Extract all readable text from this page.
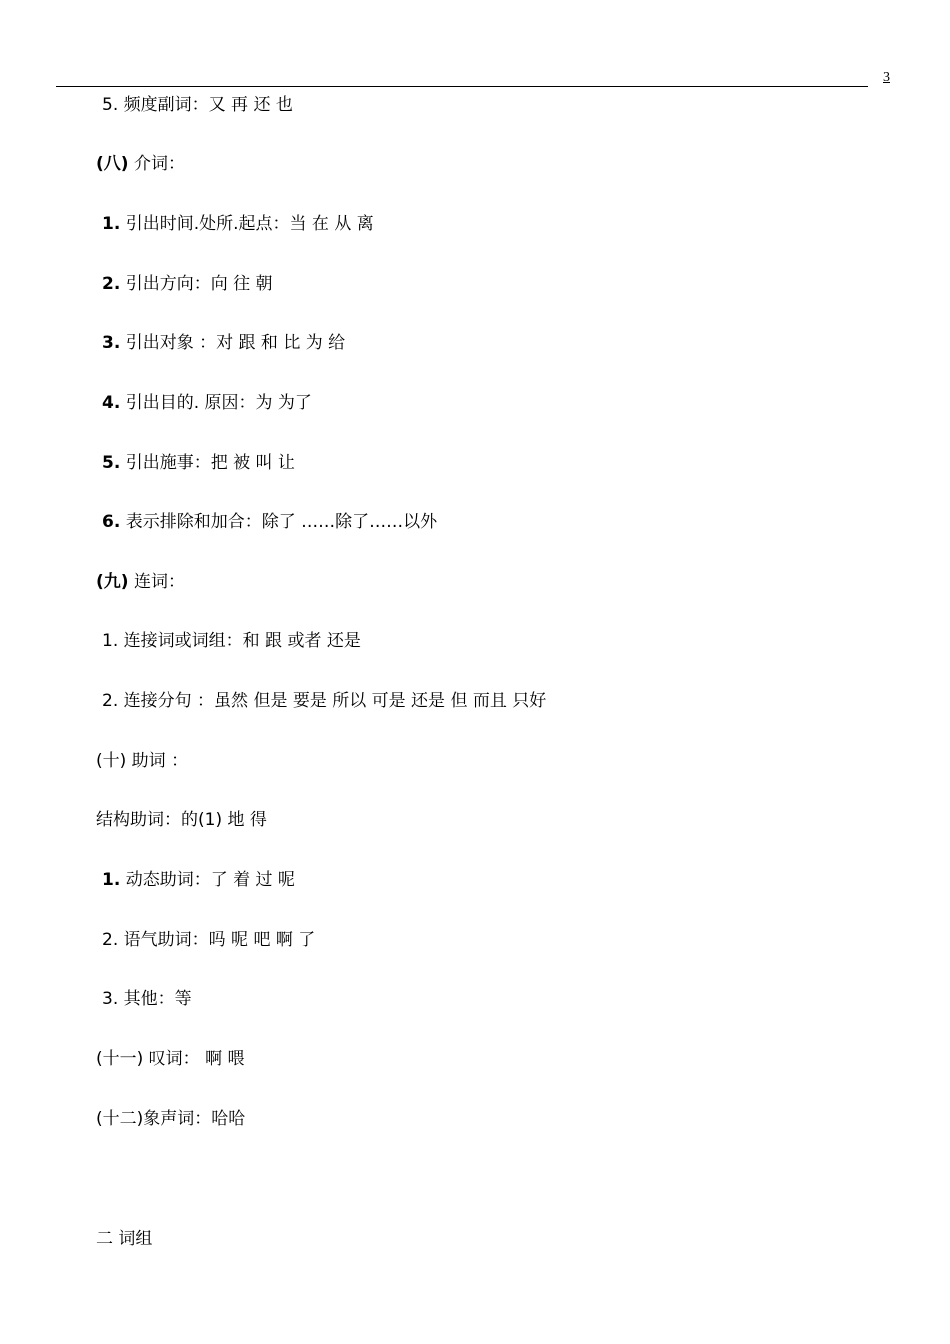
3
5. 频度副词：又 再 还 也
(八) 介词：
1. 引出时间.处所.起点：当 在 从 离
2. 引出方向：向 往 朝
3. 引出对象 ：对 跟 和 比 为 给
4. 引出目的. 原因：为 为了
5. 引出施事：把 被 叫 让
6. 表示排除和加合：除了 ……除了……以外
(九) 连词：
1. 连接词或词组：和 跟 或者 还是
2. 连接分句 ：虽然 但是 要是 所以 可是 还是 但 而且 只好
(十) 助词 ：
结构助词：的(1) 地 得
1. 动态助词：了 着 过 呢
2. 语气助词：吗 呢 吧 啊 了
3. 其他：等
(十一) 叹词： 啊 喂
(十二)象声词：哈哈
二 词组
